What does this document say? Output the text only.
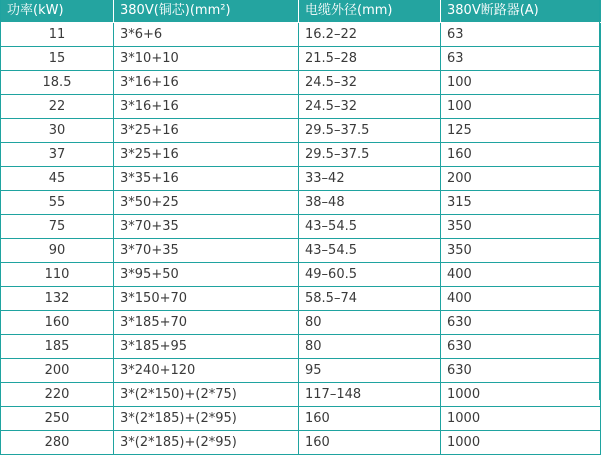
功率(kW)	380V(铜芯)(mm²)	电缆外径(mm)	380V断路器(A)
11	3*6+6	16.2–22	63
15	3*10+10	21.5–28	63
18.5	3*16+16	24.5–32	100
22	3*16+16	24.5–32	100
30	3*25+16	29.5–37.5	125
37	3*25+16	29.5–37.5	160
45	3*35+16	33–42	200
55	3*50+25	38–48	315
75	3*70+35	43–54.5	350
90	3*70+35	43–54.5	350
110	3*95+50	49–60.5	400
132	3*150+70	58.5–74	400
160	3*185+70	80	630
185	3*185+95	80	630
200	3*240+120	95	630
220	3*(2*150)+(2*75)	117–148	1000
250	3*(2*185)+(2*95)	160	1000
280	3*(2*185)+(2*95)	160	1000
